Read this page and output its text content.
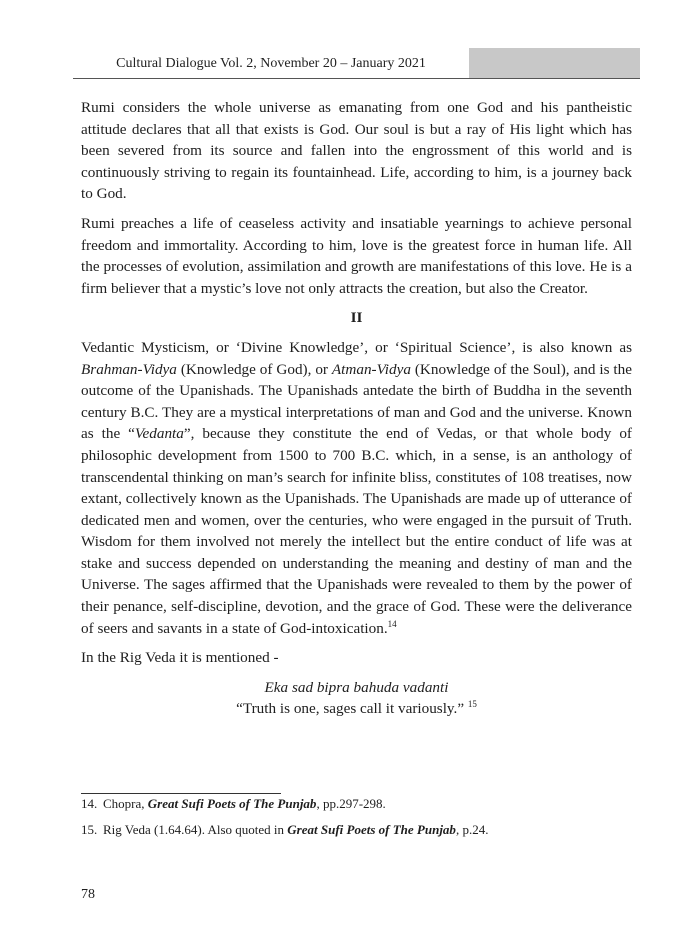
Cultural Dialogue Vol. 2, November 20 – January 2021

Rumi considers the whole universe as emanating from one God and his pantheistic attitude declares that all that exists is God. Our soul is but a ray of His light which has been severed from its source and fallen into the engrossment of this world and is continuously striving to regain its fountainhead. Life, according to him, is a journey back to God.

Rumi preaches a life of ceaseless activity and insatiable yearnings to achieve personal freedom and immortality. According to him, love is the greatest force in human life. All the processes of evolution, assimilation and growth are manifestations of this love. He is a firm believer that a mystic’s love not only attracts the creation, but also the Creator.

II

Vedantic Mysticism, or ‘Divine Knowledge’, or ‘Spiritual Science’, is also known as Brahman-Vidya (Knowledge of God), or Atman-Vidya (Knowledge of the Soul), and is the outcome of the Upanishads. The Upanishads antedate the birth of Buddha in the seventh century B.C. They are a mystical interpretations of man and God and the universe. Known as the “Vedanta”, because they constitute the end of Vedas, or that whole body of philosophic development from 1500 to 700 B.C. which, in a sense, is an anthology of transcendental thinking on man’s search for infinite bliss, constitutes of 108 treatises, now extant, collectively known as the Upanishads. The Upanishads are made up of utterance of dedicated men and women, over the centuries, who were engaged in the pursuit of Truth. Wisdom for them involved not merely the intellect but the entire conduct of life was at stake and success depended on understanding the meaning and destiny of man and the Universe. The sages affirmed that the Upanishads were revealed to them by the power of their penance, self-discipline, devotion, and the grace of God. These were the deliverance of seers and savants in a state of God-intoxication.$^{14}$

In the Rig Veda it is mentioned -

Eka sad bipra bahuda vadanti

“Truth is one, sages call it variously.” $^{15}$

14. Chopra, Great Sufi Poets of The Punjab, pp.297-298.

15. Rig Veda (1.64.64). Also quoted in Great Sufi Poets of The Punjab, p.24.

78
